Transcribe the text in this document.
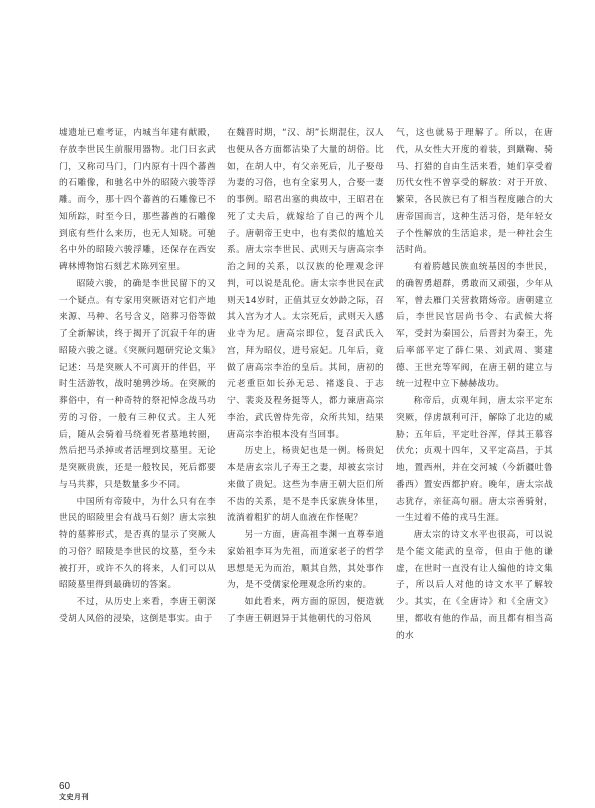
墟遗址已难考证，内城当年建有献殿，存放李世民生前服用器物。北门曰玄武门，又称司马门，门内原有十四个蕃酋的石雕像，和驰名中外的昭陵六骏等浮雕。而今，那十四个蕃酋的石雕像已不知所踪，时至今日，那些蕃酋的石雕像到底有些什么来历，也无人知晓。可驰名中外的昭陵六骏浮雕，还保存在西安碑林博物馆石刻艺术陈列室里。

昭陵六骏，的确是李世民留下的又一个疑点。有专家用突厥语对它们产地来源、马种、名号含义，陪葬习俗等做了全新解读，终于揭开了沉寂千年的唐昭陵六骏之谜。《突厥问题研究论文集》记述：马是突厥人不可离开的伴侣，平时生活游牧，战时驰骋沙场。在突厥的葬俗中，有一种奇特的祭祀悼念战马功劳的习俗，一般有三种仪式。主人死后，随从会骑着马绕着死者墓地转圈，然后把马杀掉或者活埋到坟墓里。无论是突厥贵族，还是一般牧民，死后都要与马共葬，只是数量多少不同。

中国所有帝陵中，为什么只有在李世民的昭陵里会有战马石刻？唐太宗独特的墓葬形式，是否真的显示了突厥人的习俗？昭陵是李世民的坟墓，至今未被打开，或许不久的将来，人们可以从昭陵墓里得到最确切的答案。

不过，从历史上来看，李唐王朝深受胡人风俗的浸染，这倒是事实。由于

在魏晋时期，“汉、胡”长期混住，汉人也便从各方面都沾染了大量的胡俗。比如，在胡人中，有父亲死后，儿子娶母为妻的习俗，也有全家男人，合娶一妻的事例。昭君出塞的典故中，王昭君在死了丈夫后，就嫁给了自己的两个儿子。唐朝帝王史中，也有类似的尴尬关系。唐太宗李世民、武则天与唐高宗李治之间的关系，以汉族的伦理观念评判，可以说是乱伦。唐太宗李世民在武则天14岁时，正值其豆女妙龄之际，召其入宫为才人。太宗死后，武则天入感业寺为尼。唐高宗即位，复召武氏入宫，拜为昭仪，进号宸妃。几年后，竟做了唐高宗李治的皇后。其间，唐初的元老重臣如长孙无忌、褚遂良、于志宁、裴炎及程务挺等人，都力谏唐高宗李治，武氏曾侍先帝，众所共知，结果唐高宗李治根本没有当回事。

历史上，杨贵妃也是一例。杨贵妃本是唐玄宗儿子寿王之妻，却被玄宗讨来做了贵妃。这些为李唐王朝大臣们所不齿的关系，是不是李氏家族身体里，流淌着粗犷的胡人血液在作怪呢？

另一方面，唐高祖李渊一直尊奉道家始祖李耳为先祖，而道家老子的哲学思想是无为而治，顺其自然，其处事作为，是不受儒家伦理观念所约束的。

如此看来，两方面的原因，便造就了李唐王朝迥异于其他朝代的习俗风

气，这也就易于理解了。所以，在唐代，从女性大开度的着装，到蹴鞠、骑马、打猎的自由生活来看，她们享受着历代女性不曾享受的解放：对于开放、繁荣，各民族已有了相当程度融合的大唐帝国而言，这种生活习俗，是年轻女子个性解放的生活追求，是一种社会生活时尚。

有着胯越民族血统基因的李世民，的确智勇超群，勇敢而又顽强，少年从军，曾去雁门关营救隋炀帝。唐朝建立后，李世民官居尚书令、右武候大将军，受封为秦国公，后晋封为秦王，先后率部平定了薛仁果、刘武周、窦建德、王世充等军阀，在唐王朝的建立与统一过程中立下赫赫战功。

称帝后，贞观年间，唐太宗平定东突厥，俘虏颉利可汗，解除了北边的威胁；五年后，平定吐谷浑，俘其王慕容伏允；贞观十四年，又平定高昌，于其地，置西州，并在交河城（今新疆吐鲁番西）置安西都护府。晚年，唐太宗战志犹存，亲征高句丽。唐太宗善骑射，一生过着不倦的戎马生涯。

唐太宗的诗文水平也很高，可以说是个能文能武的皇帝，但由于他的谦虚，在世时一直没有让人编他的诗文集子，所以后人对他的诗文水平了解较少。其实，在《全唐诗》和《全唐文》里，都收有他的作品，而且都有相当高的水

60

文史月刊
